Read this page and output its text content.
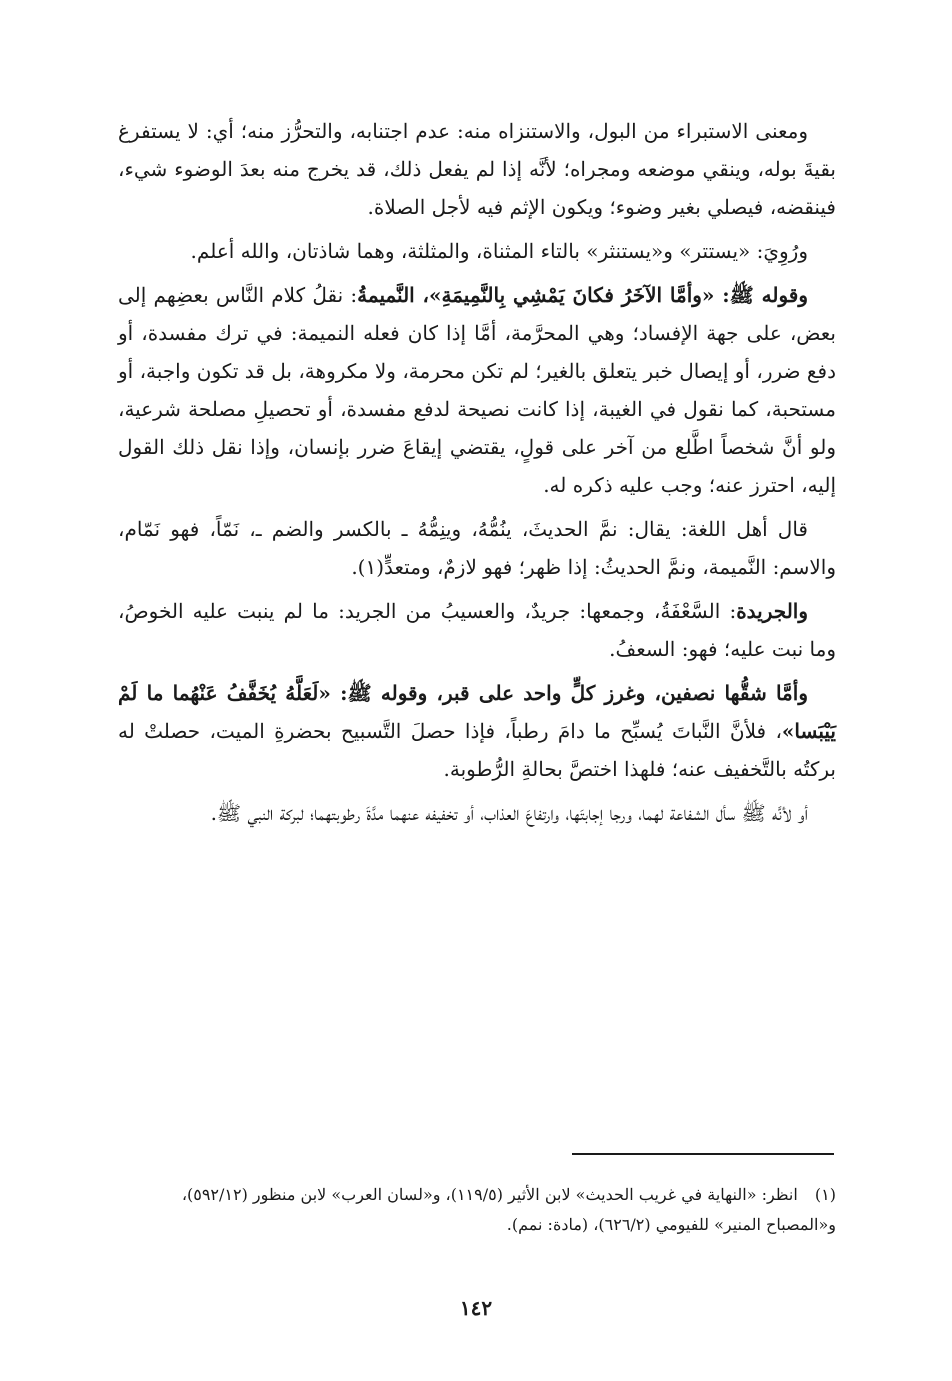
ومعنى الاستبراء من البول، والاستنزاه منه: عدم اجتنابه، والتحرُّز منه؛ أي: لا يستفرغ بقيةَ بوله، وينقي موضعه ومجراه؛ لأنَّه إذا لم يفعل ذلك، قد يخرج منه بعدَ الوضوء شيء، فينقضه، فيصلي بغير وضوء؛ ويكون الإثم فيه لأجل الصلاة.

ورُوِيَ: «يستتر» و«يستنثر» بالتاء المثناة، والمثلثة، وهما شاذتان، والله أعلم.

وقوله ﷺ: «وأمَّا الآخَرُ فكانَ يَمْشِي بِالنَّمِيمَةِ»، النَّميمةُ: نقلُ كلام النَّاس بعضِهم إلى بعض، على جهة الإفساد؛ وهي المحرَّمة، أمَّا إذا كان فعله النميمة: في ترك مفسدة، أو دفع ضرر، أو إيصال خبر يتعلق بالغير؛ لم تكن محرمة، ولا مكروهة، بل قد تكون واجبة، أو مستحبة، كما نقول في الغيبة، إذا كانت نصيحة لدفع مفسدة، أو تحصيلِ مصلحة شرعية، ولو أنَّ شخصاً اطَّلع من آخر على قولٍ، يقتضي إيقاعَ ضرر بإنسان، وإذا نقل ذلك القول إليه، احترز عنه؛ وجب عليه ذكره له.

قال أهل اللغة: يقال: نمَّ الحديثَ، ينُمُّهُ، وينِمُّهُ ـ بالكسر والضم ـ، نَمّاً، فهو نَمّام، والاسم: النَّميمة، ونمَّ الحديثُ: إذا ظهر؛ فهو لازمٌ، ومتعدٍّ(١).

والجريدة: السَّعْفَةُ، وجمعها: جريدٌ، والعسيبُ من الجريد: ما لم ينبت عليه الخوصُ، وما نبت عليه؛ فهو: السعفُ.

وأمَّا شقُّها نصفين، وغرز كلٍّ واحد على قبر، وقوله ﷺ: «لَعَلَّهُ يُخَفَّفُ عَنْهُما ما لَمْ يَيْبَسا»، فلأنَّ النَّباتَ يُسبِّح ما دامَ رطباً، فإذا حصلَ التَّسبيح بحضرةِ الميت، حصلتْ له بركتُه بالتَّخفيف عنه؛ فلهذا اختصَّ بحالةِ الرُّطوبة.

أو لأنَّه ﷺ سأل الشفاعة لهما، ورجا إجابتَها، وارتفاعَ العذاب، أو تخفيفه عنهما مدَّةَ رطوبتهما؛ لبركة النبي ﷺ.

(١) انظر: «النهاية في غريب الحديث» لابن الأثير (١١٩/٥)، و«لسان العرب» لابن منظور (٥٩٢/١٢)، و«المصباح المنير» للفيومي (٦٢٦/٢)، (مادة: نمم).
١٤٢
